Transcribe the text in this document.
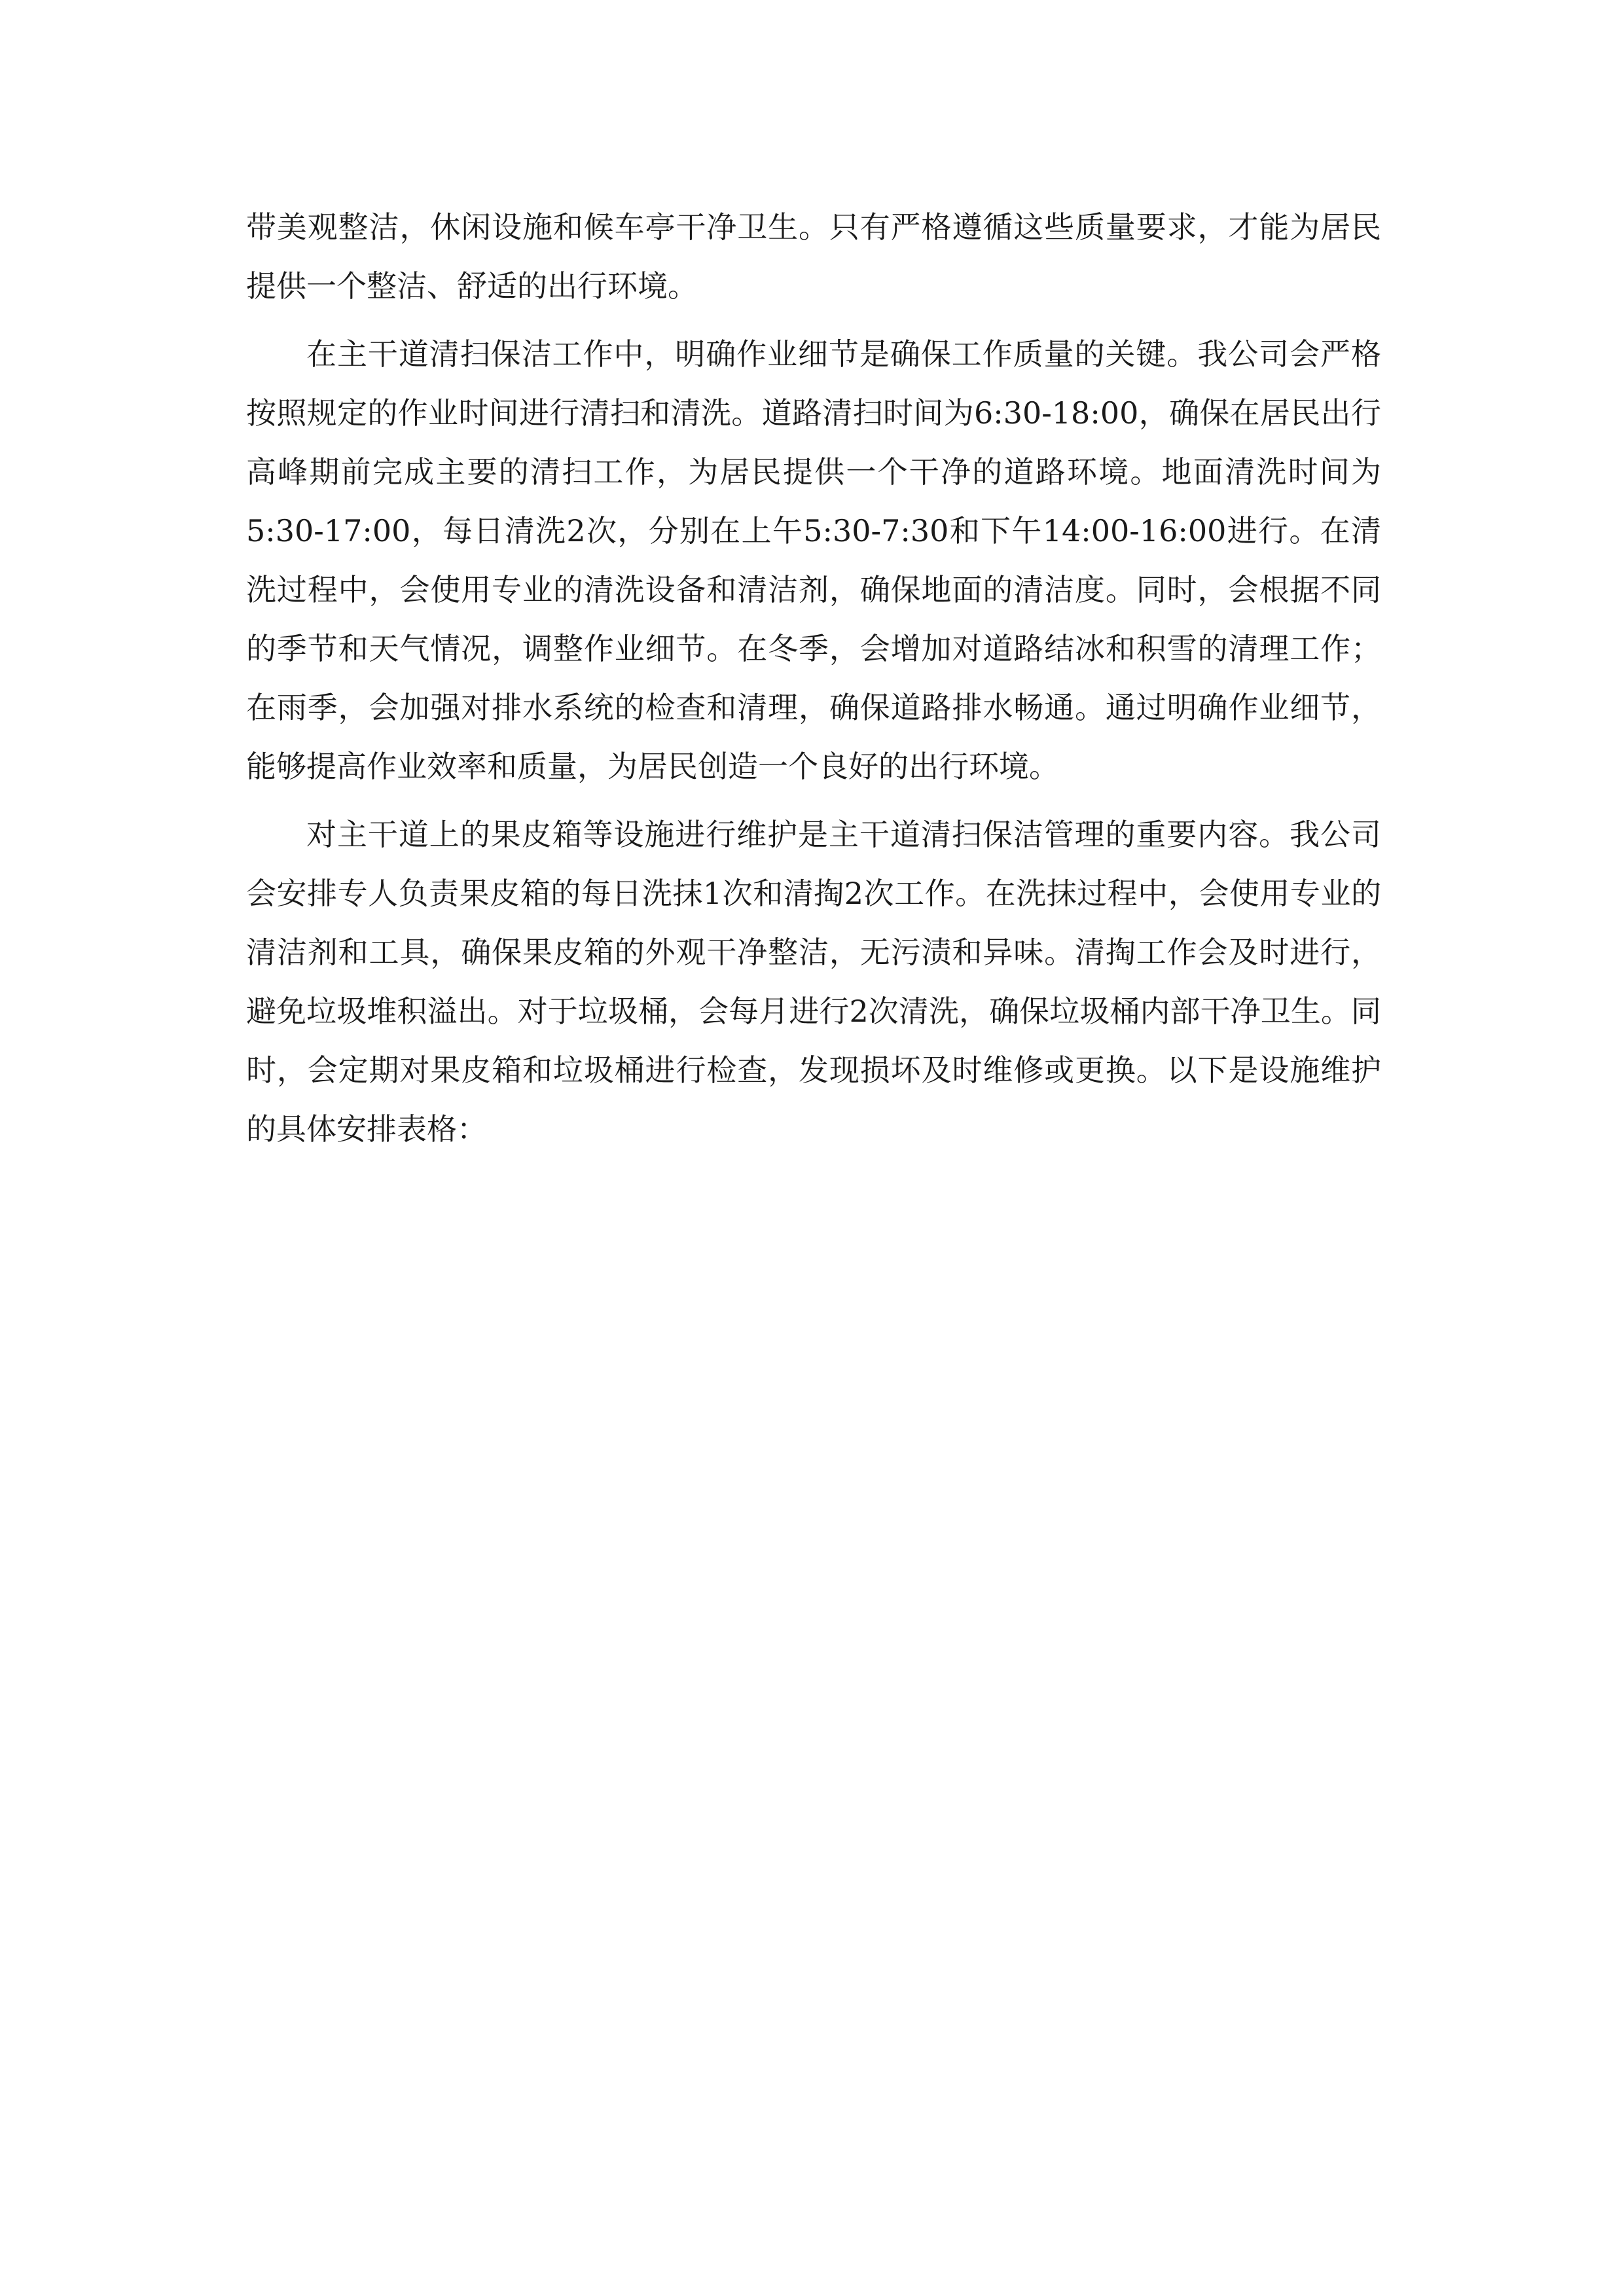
带美观整洁，休闲设施和候车亭干净卫生。只有严格遵循这些质量要求，才能为居民提供一个整洁、舒适的出行环境。

在主干道清扫保洁工作中，明确作业细节是确保工作质量的关键。我公司会严格按照规定的作业时间进行清扫和清洗。道路清扫时间为6:30-18:00，确保在居民出行高峰期前完成主要的清扫工作，为居民提供一个干净的道路环境。地面清洗时间为5:30-17:00，每日清洗2次，分别在上午5:30-7:30和下午14:00-16:00进行。在清洗过程中，会使用专业的清洗设备和清洁剂，确保地面的清洁度。同时，会根据不同的季节和天气情况，调整作业细节。在冬季，会增加对道路结冰和积雪的清理工作；在雨季，会加强对排水系统的检查和清理，确保道路排水畅通。通过明确作业细节，能够提高作业效率和质量，为居民创造一个良好的出行环境。

对主干道上的果皮箱等设施进行维护是主干道清扫保洁管理的重要内容。我公司会安排专人负责果皮箱的每日洗抹1次和清掏2次工作。在洗抹过程中，会使用专业的清洁剂和工具，确保果皮箱的外观干净整洁，无污渍和异味。清掏工作会及时进行，避免垃圾堆积溢出。对于垃圾桶，会每月进行2次清洗，确保垃圾桶内部干净卫生。同时，会定期对果皮箱和垃圾桶进行检查，发现损坏及时维修或更换。以下是设施维护的具体安排表格：
